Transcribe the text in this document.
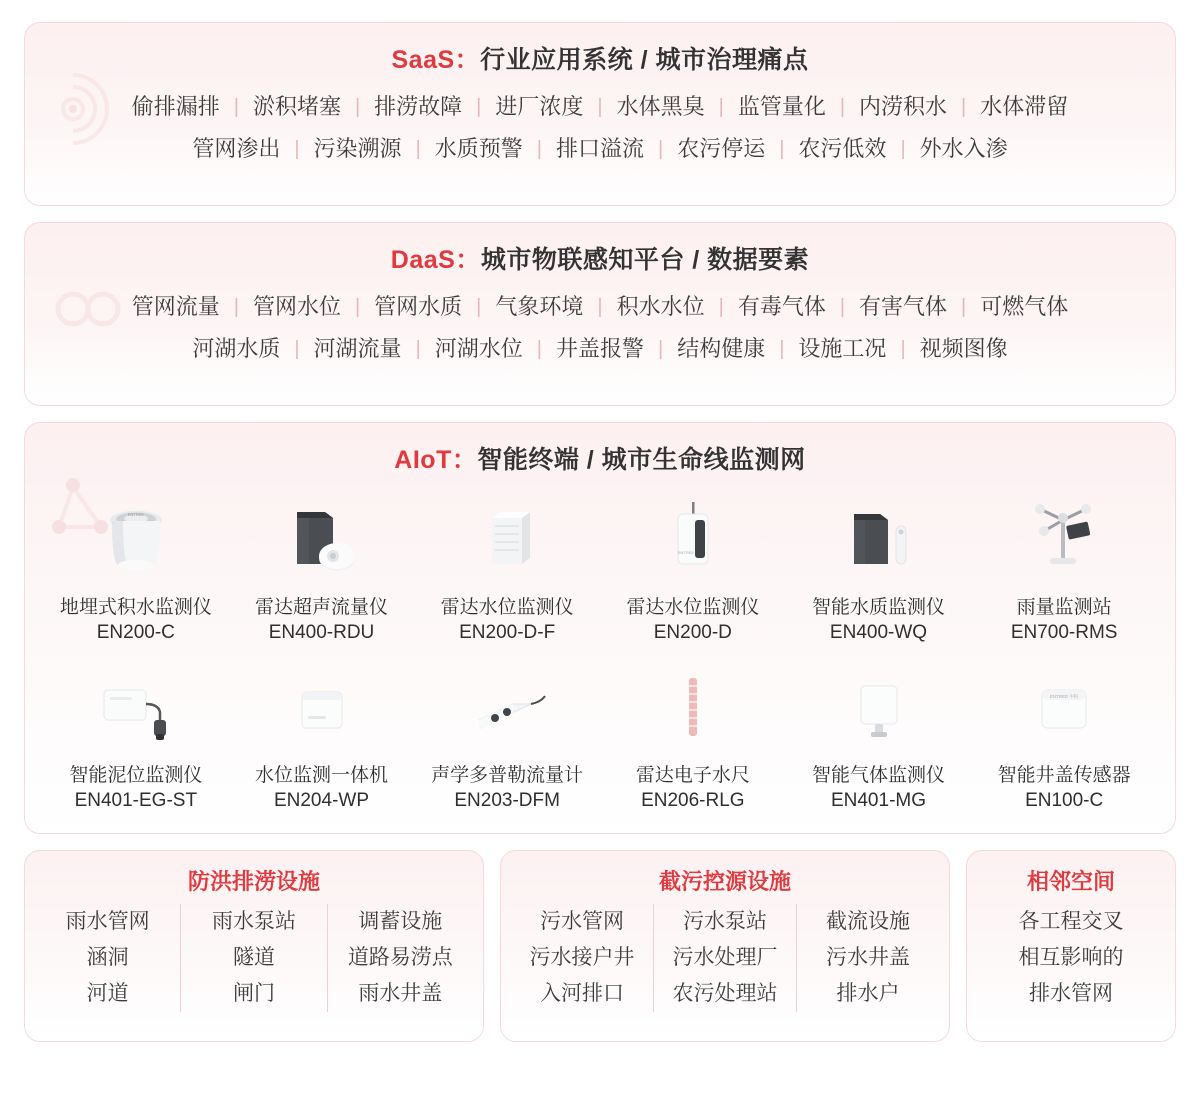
SaaS：行业应用系统 / 城市治理痛点
偷排漏排 | 淤积堵塞 | 排涝故障 | 进厂浓度 | 水体黑臭 | 监管量化 | 内涝积水 | 水体滞留
管网渗出 | 污染溯源 | 水质预警 | 排口溢流 | 农污停运 | 农污低效 | 外水入渗
DaaS：城市物联感知平台 / 数据要素
管网流量 | 管网水位 | 管网水质 | 气象环境 | 积水水位 | 有毒气体 | 有害气体 | 可燃气体
河湖水质 | 河湖流量 | 河湖水位 | 井盖报警 | 结构健康 | 设施工况 | 视频图像
AIoT：智能终端 / 城市生命线监测网
ENTREE
地埋式积水监测仪
EN200-C
雷达超声流量仪
EN400-RDU
雷达水位监测仪
EN200-D-F
ENTREE
雷达水位监测仪
EN200-D
智能水质监测仪
EN400-WQ
雨量监测站
EN700-RMS
智能泥位监测仪
EN401-EG-ST
水位监测一体机
EN204-WP
声学多普勒流量计
EN203-DFM
雷达电子水尺
EN206-RLG
智能气体监测仪
EN401-MG
ENTREE 中科
智能井盖传感器
EN100-C
防洪排涝设施
雨水管网
涵洞
河道
雨水泵站
隧道
闸门
调蓄设施
道路易涝点
雨水井盖
截污控源设施
污水管网
污水接户井
入河排口
污水泵站
污水处理厂
农污处理站
截流设施
污水井盖
排水户
相邻空间
各工程交叉
相互影响的
排水管网
